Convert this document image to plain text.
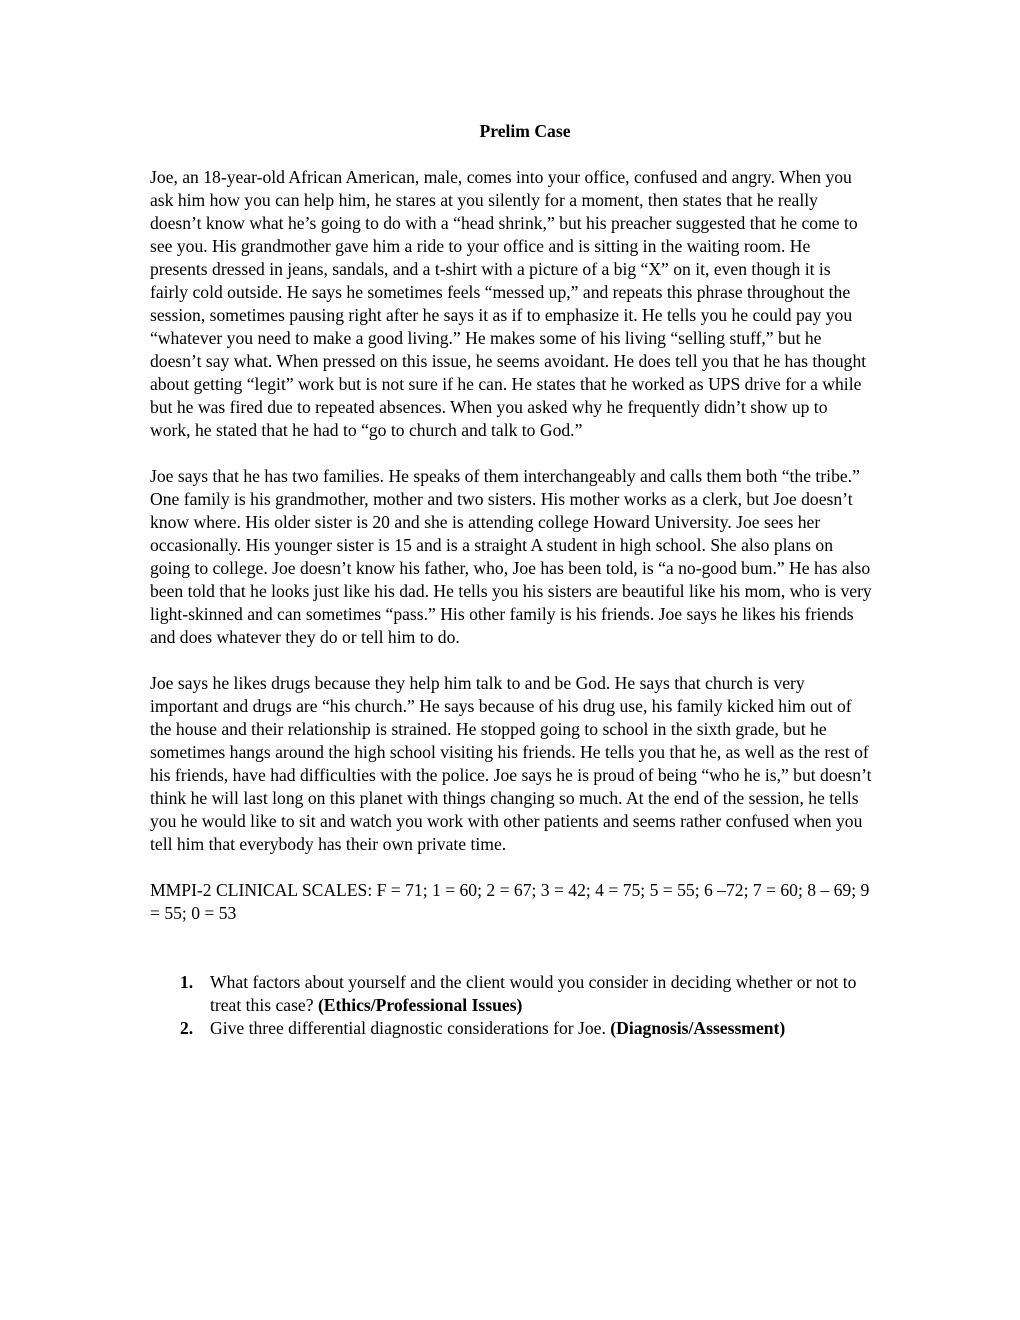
Prelim Case

Joe, an 18-year-old African American, male, comes into your office, confused and angry. When you ask him how you can help him, he stares at you silently for a moment, then states that he really doesn’t know what he’s going to do with a “head shrink,” but his preacher suggested that he come to see you. His grandmother gave him a ride to your office and is sitting in the waiting room. He presents dressed in jeans, sandals, and a t-shirt with a picture of a big “X” on it, even though it is fairly cold outside. He says he sometimes feels “messed up,” and repeats this phrase throughout the session, sometimes pausing right after he says it as if to emphasize it. He tells you he could pay you “whatever you need to make a good living.” He makes some of his living “selling stuff,” but he doesn’t say what. When pressed on this issue, he seems avoidant. He does tell you that he has thought about getting “legit” work but is not sure if he can. He states that he worked as UPS drive for a while but he was fired due to repeated absences. When you asked why he frequently didn’t show up to work, he stated that he had to “go to church and talk to God.”

Joe says that he has two families. He speaks of them interchangeably and calls them both “the tribe.” One family is his grandmother, mother and two sisters. His mother works as a clerk, but Joe doesn’t know where. His older sister is 20 and she is attending college Howard University. Joe sees her occasionally. His younger sister is 15 and is a straight A student in high school. She also plans on going to college. Joe doesn’t know his father, who, Joe has been told, is “a no-good bum.” He has also been told that he looks just like his dad. He tells you his sisters are beautiful like his mom, who is very light-skinned and can sometimes “pass.” His other family is his friends. Joe says he likes his friends and does whatever they do or tell him to do.

Joe says he likes drugs because they help him talk to and be God. He says that church is very important and drugs are “his church.” He says because of his drug use, his family kicked him out of the house and their relationship is strained. He stopped going to school in the sixth grade, but he sometimes hangs around the high school visiting his friends. He tells you that he, as well as the rest of his friends, have had difficulties with the police. Joe says he is proud of being “who he is,” but doesn’t think he will last long on this planet with things changing so much. At the end of the session, he tells you he would like to sit and watch you work with other patients and seems rather confused when you tell him that everybody has their own private time.

MMPI-2 CLINICAL SCALES: F = 71; 1 = 60; 2 = 67; 3 = 42; 4 = 75; 5 = 55; 6 –72; 7 = 60; 8 – 69; 9 = 55; 0 = 53

1. What factors about yourself and the client would you consider in deciding whether or not to treat this case? (Ethics/Professional Issues)
2. Give three differential diagnostic considerations for Joe. (Diagnosis/Assessment)
